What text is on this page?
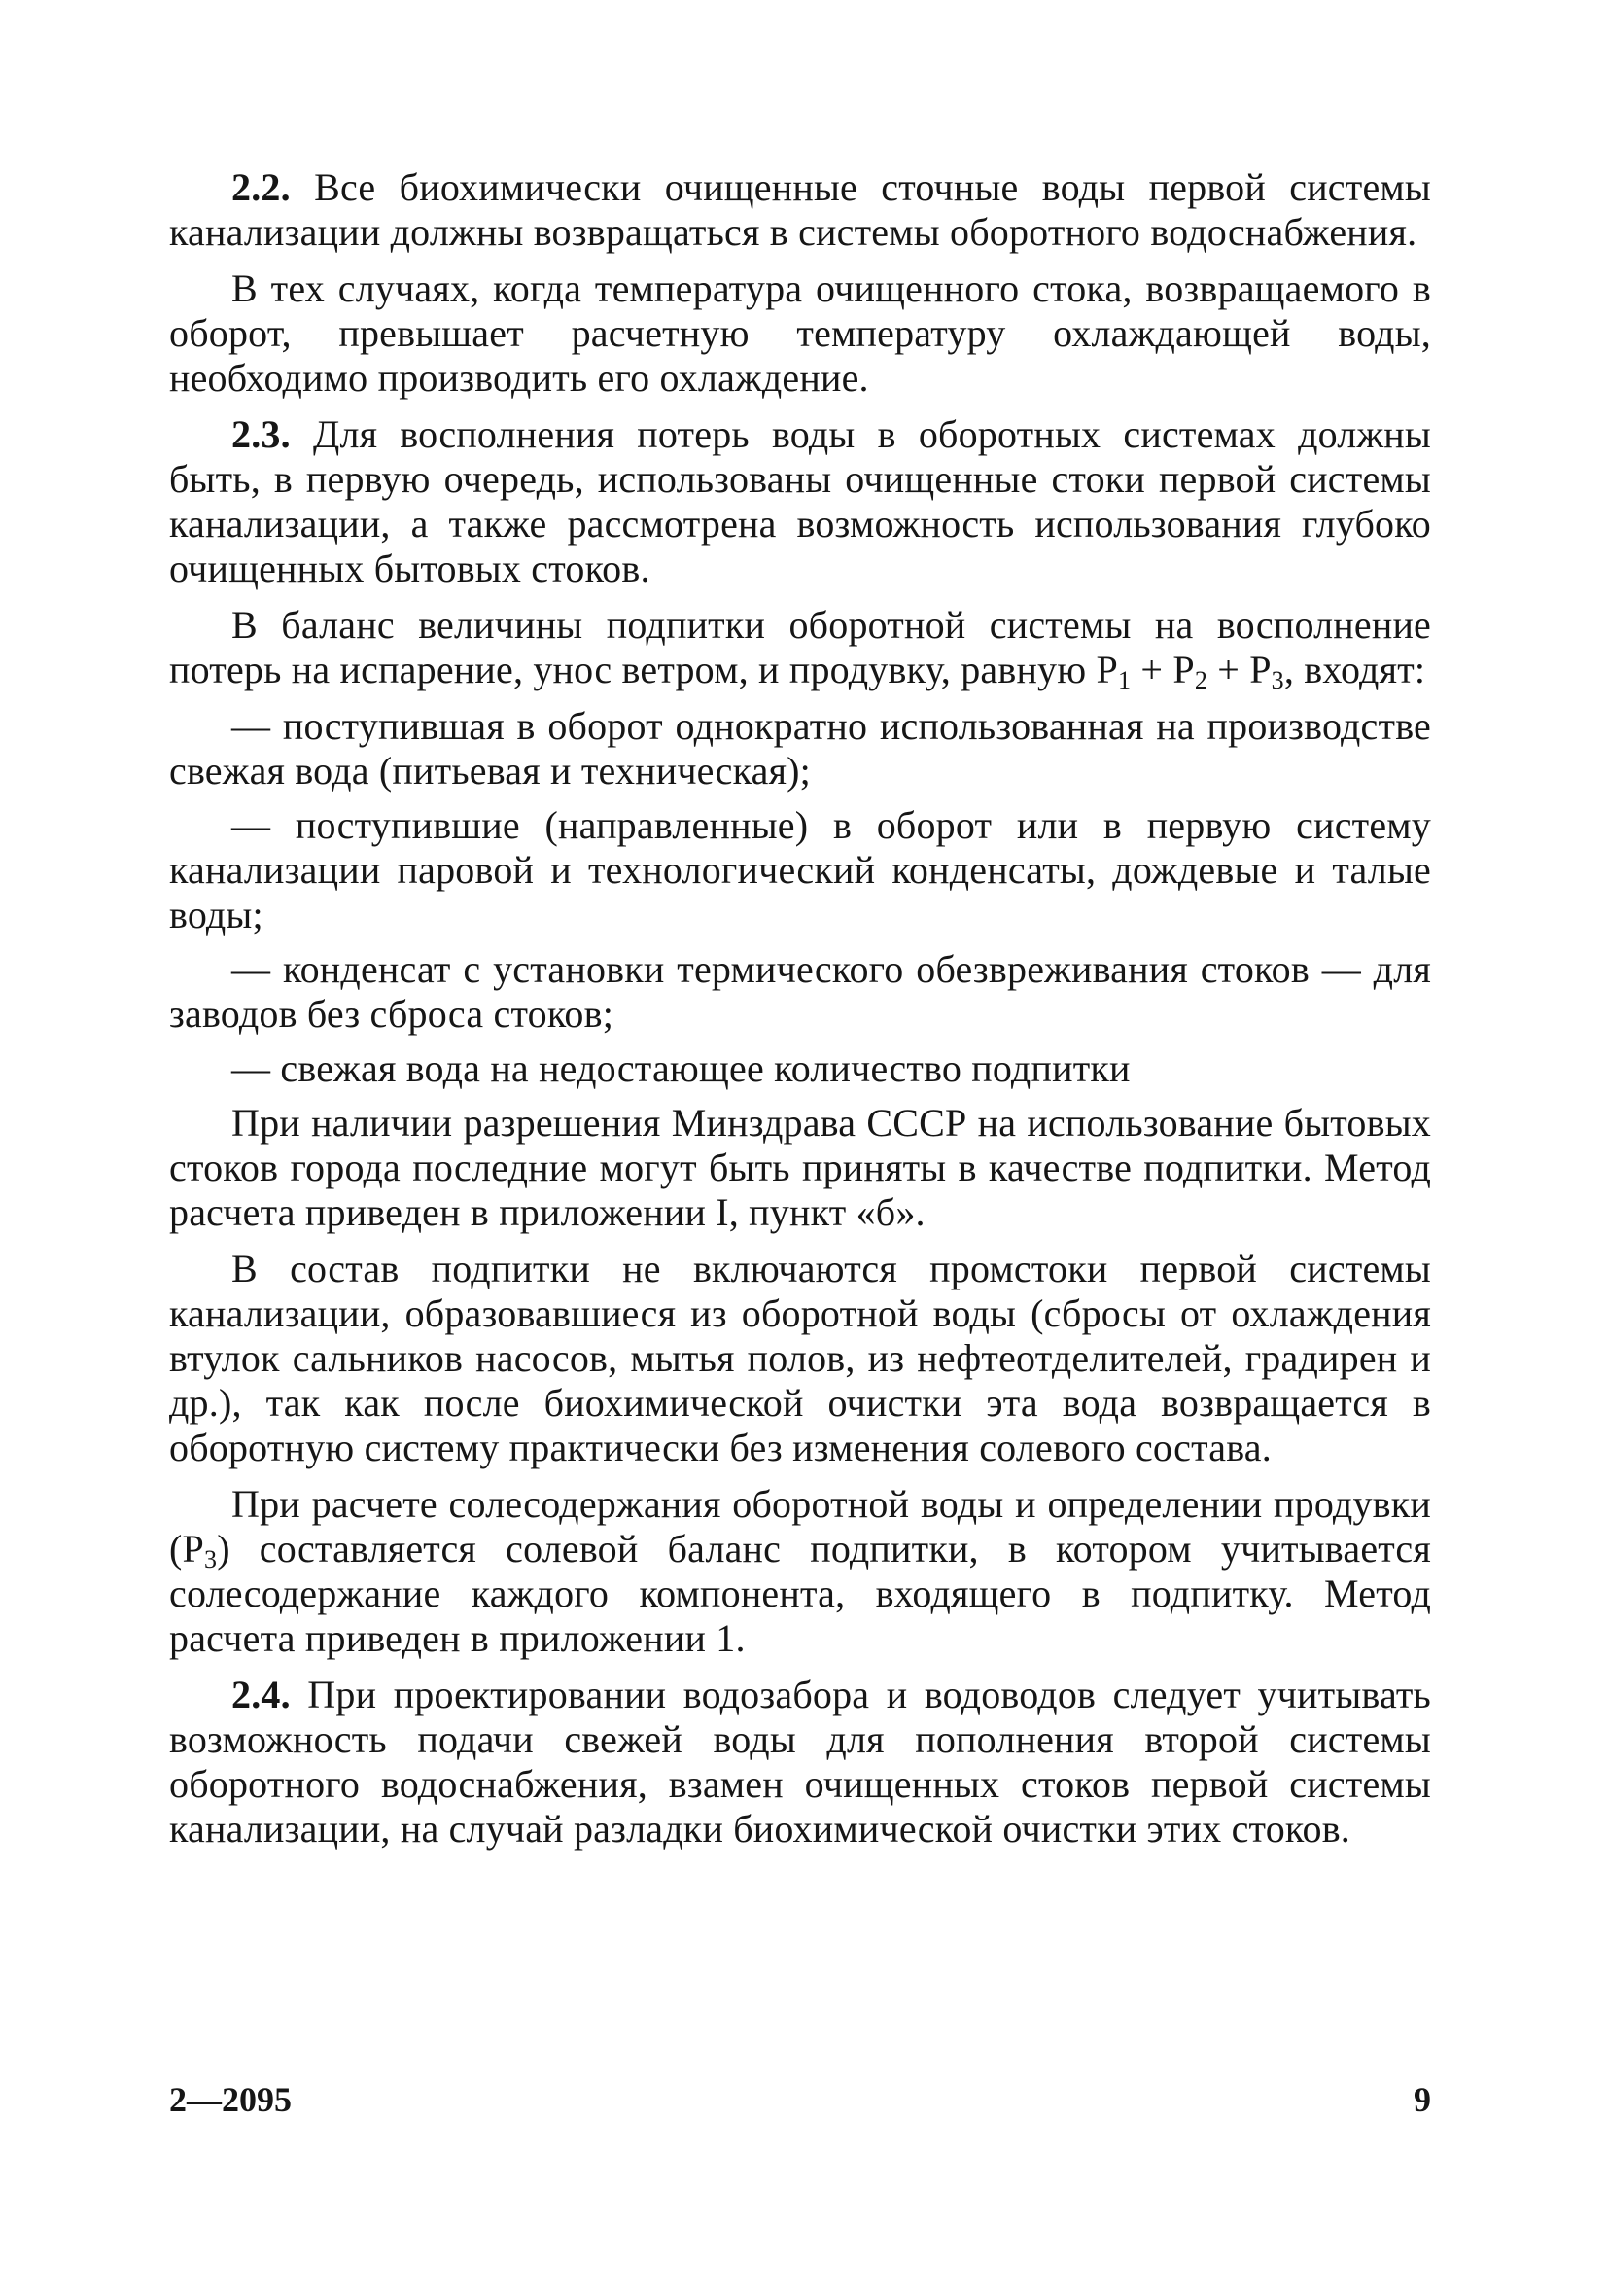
2.2. Все биохимически очищенные сточные воды первой системы канализации должны возвращаться в системы оборотного водоснабжения.

В тех случаях, когда температура очищенного стока, возвращаемого в оборот, превышает расчетную температуру охлаждающей воды, необходимо производить его охлаждение.

2.3. Для восполнения потерь воды в оборотных системах должны быть, в первую очередь, использованы очищенные стоки первой системы канализации, а также рассмотрена возможность использования глубоко очищенных бытовых стоков.

В баланс величины подпитки оборотной системы на восполнение потерь на испарение, унос ветром, и продувку, равную $P_1 + P_2 + P_3$, входят:

— поступившая в оборот однократно использованная на производстве свежая вода (питьевая и техническая);

— поступившие (направленные) в оборот или в первую систему канализации паровой и технологический конденсаты, дождевые и талые воды;

— конденсат с установки термического обезвреживания стоков — для заводов без сброса стоков;

— свежая вода на недостающее количество подпитки

При наличии разрешения Минздрава СССР на использование бытовых стоков города последние могут быть приняты в качестве подпитки. Метод расчета приведен в приложении I, пункт «б».

В состав подпитки не включаются промстоки первой системы канализации, образовавшиеся из оборотной воды (сбросы от охлаждения втулок сальников насосов, мытья полов, из нефтеотделителей, градирен и др.), так как после биохимической очистки эта вода возвращается в оборотную систему практически без изменения солевого состава.

При расчете солесодержания оборотной воды и определении продувки $(P_3)$ составляется солевой баланс подпитки, в котором учитывается солесодержание каждого компонента, входящего в подпитку. Метод расчета приведен в приложении 1.

2.4. При проектировании водозабора и водоводов следует учитывать возможность подачи свежей воды для пополнения второй системы оборотного водоснабжения, взамен очищенных стоков первой системы канализации, на случай разладки биохимической очистки этих стоков.

2—2095	9
